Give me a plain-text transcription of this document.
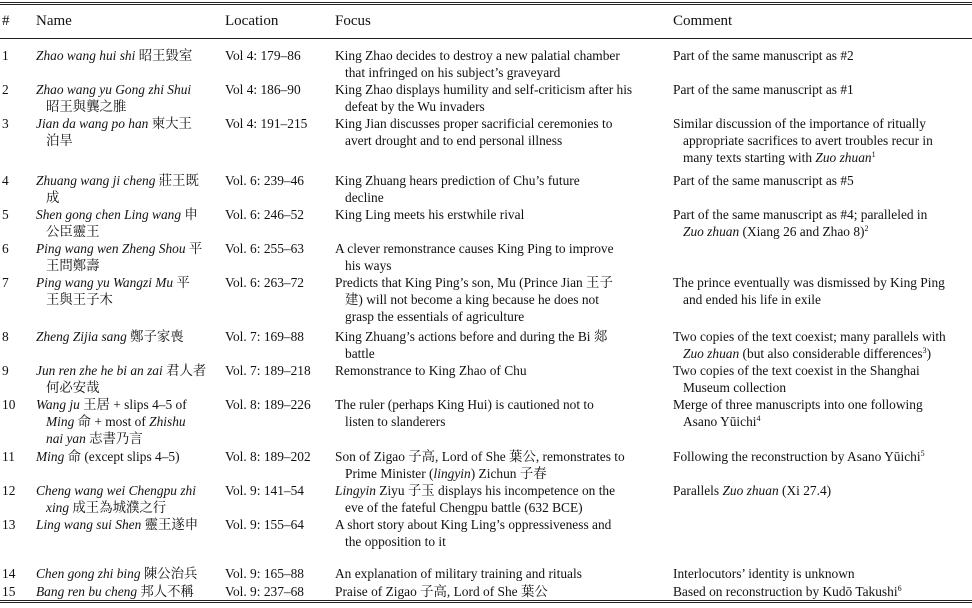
#	Name	Location	Focus	Comment
1	Zhao wang hui shi 昭王毀室	Vol 4: 179–86	King Zhao decides to destroy a new palatial chamber
that infringed on his subject’s graveyard	Part of the same manuscript as #2

2	Zhao wang yu Gong zhi Shui
昭王與龔之脽	Vol 4: 186–90	King Zhao displays humility and self-criticism after his
defeat by the Wu invaders	Part of the same manuscript as #1

3	Jian da wang po han 柬大王
泊旱	Vol 4: 191–215	King Jian discusses proper sacrificial ceremonies to
avert drought and to end personal illness	Similar discussion of the importance of ritually
appropriate sacrifices to avert troubles recur in
many texts starting with Zuo zhuan$^1$

4	Zhuang wang ji cheng 莊王既
成	Vol. 6: 239–46	King Zhuang hears prediction of Chu’s future
decline	Part of the same manuscript as #5

5	Shen gong chen Ling wang 申
公臣靈王	Vol. 6: 246–52	King Ling meets his erstwhile rival	Part of the same manuscript as #4; paralleled in
Zuo zhuan (Xiang 26 and Zhao 8)$^2$

6	Ping wang wen Zheng Shou 平
王問鄭壽	Vol. 6: 255–63	A clever remonstrance causes King Ping to improve
his ways	

7	Ping wang yu Wangzi Mu 平
王與王子木	Vol. 6: 263–72	Predicts that King Ping’s son, Mu (Prince Jian 王子
建) will not become a king because he does not
grasp the essentials of agriculture	The prince eventually was dismissed by King Ping
and ended his life in exile

8	Zheng Zijia sang 鄭子家喪	Vol. 7: 169–88	King Zhuang’s actions before and during the Bi 郯
battle	Two copies of the text coexist; many parallels with
Zuo zhuan (but also considerable differences$^3$)

9	Jun ren zhe he bi an zai 君人者
何必安哉	Vol. 7: 189–218	Remonstrance to King Zhao of Chu	Two copies of the text coexist in the Shanghai
Museum collection

10	Wang ju 王居 + slips 4–5 of
Ming 命 + most of Zhishu
nai yan 志書乃言	Vol. 8: 189–226	The ruler (perhaps King Hui) is cautioned not to
listen to slanderers	Merge of three manuscripts into one following
Asano Yūichi$^4$

11	Ming 命 (except slips 4–5)	Vol. 8: 189–202	Son of Zigao 子高, Lord of She 葉公, remonstrates to
Prime Minister (lingyin) Zichun 子春	Following the reconstruction by Asano Yūichi$^5$

12	Cheng wang wei Chengpu zhi
xing 成王為城濮之行	Vol. 9: 141–54	Lingyin Ziyu 子玉 displays his incompetence on the
eve of the fateful Chengpu battle (632 BCE)	Parallels Zuo zhuan (Xi 27.4)

13	Ling wang sui Shen 靈王遂申	Vol. 9: 155–64	A short story about King Ling’s oppressiveness and
the opposition to it	

14	Chen gong zhi bing 陳公治兵	Vol. 9: 165–88	An explanation of military training and rituals	Interlocutors’ identity is unknown

15	Bang ren bu cheng 邦人不稱	Vol. 9: 237–68	Praise of Zigao 子高, Lord of She 葉公	Based on reconstruction by Kudō Takushi$^6$
